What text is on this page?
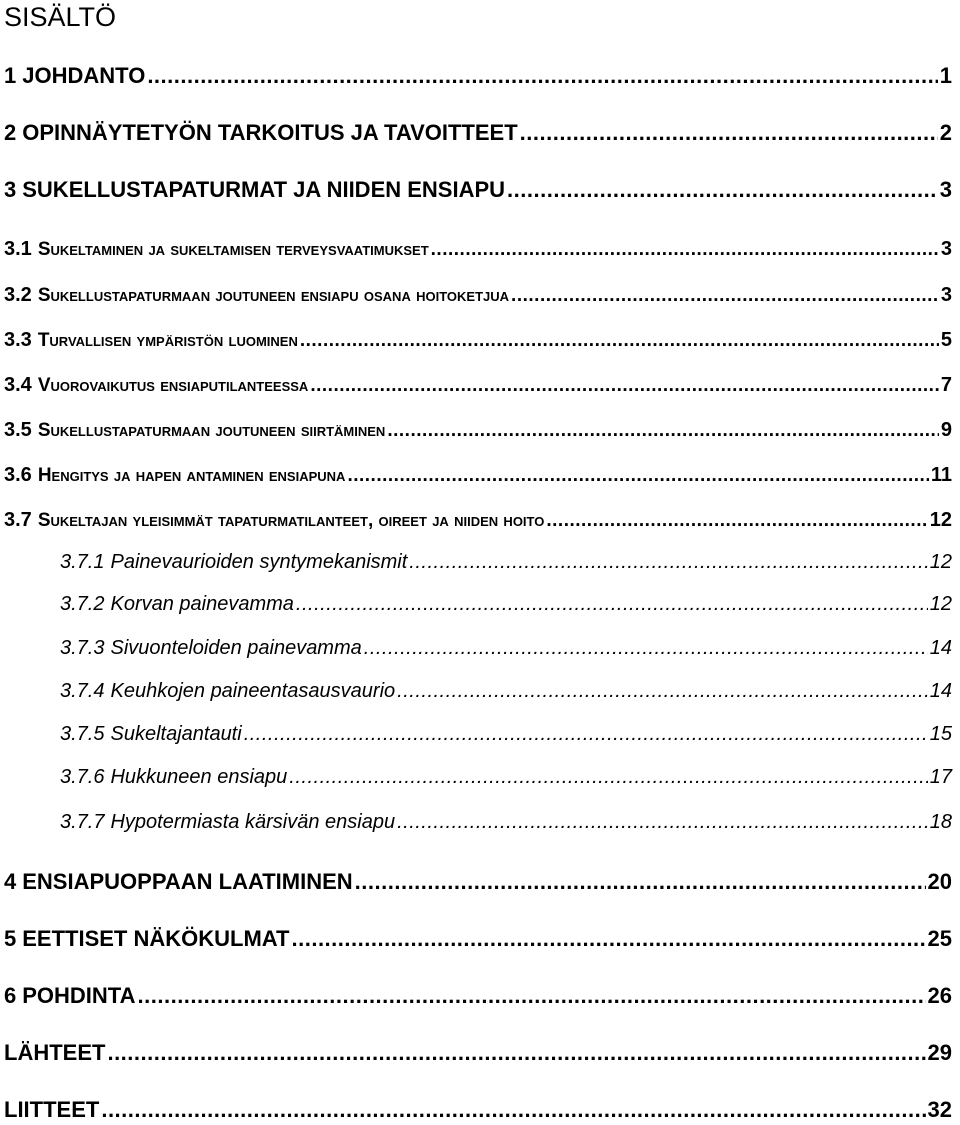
SISÄLTÖ
1 JOHDANTO .....	1
2 OPINNÄYTETYÖN TARKOITUS JA TAVOITTEET .....	2
3 SUKELLUSTAPATURMAT JA NIIDEN ENSIAPU .....	3
3.1 Sukeltaminen ja sukeltamisen terveysvaatimukset .....	3
3.2 Sukellustapaturmaan joutuneen ensiapu osana hoitoketjua .....	3
3.3 Turvallisen ympäristön luominen .....	5
3.4 Vuorovaikutus ensiaputilanteessa .....	7
3.5 Sukellustapaturmaan joutuneen siirtäminen .....	9
3.6 Hengitys ja hapen antaminen ensiapuna .....	11
3.7 Sukeltajan yleisimmät tapaturmatilanteet, oireet ja niiden hoito .....	12
3.7.1 Painevaurioiden syntymekanismit .....	12
3.7.2 Korvan painevamma .....	12
3.7.3 Sivuonteloiden painevamma .....	14
3.7.4 Keuhkojen paineentasausvaurio .....	14
3.7.5 Sukeltajantauti .....	15
3.7.6 Hukkuneen ensiapu .....	17
3.7.7 Hypotermiasta kärsivän ensiapu .....	18
4 ENSIAPUOPPAAN LAATIMINEN .....	20
5 EETTISET NÄKÖKULMAT .....	25
6 POHDINTA .....	26
LÄHTEET .....	29
LIITTEET .....	32
